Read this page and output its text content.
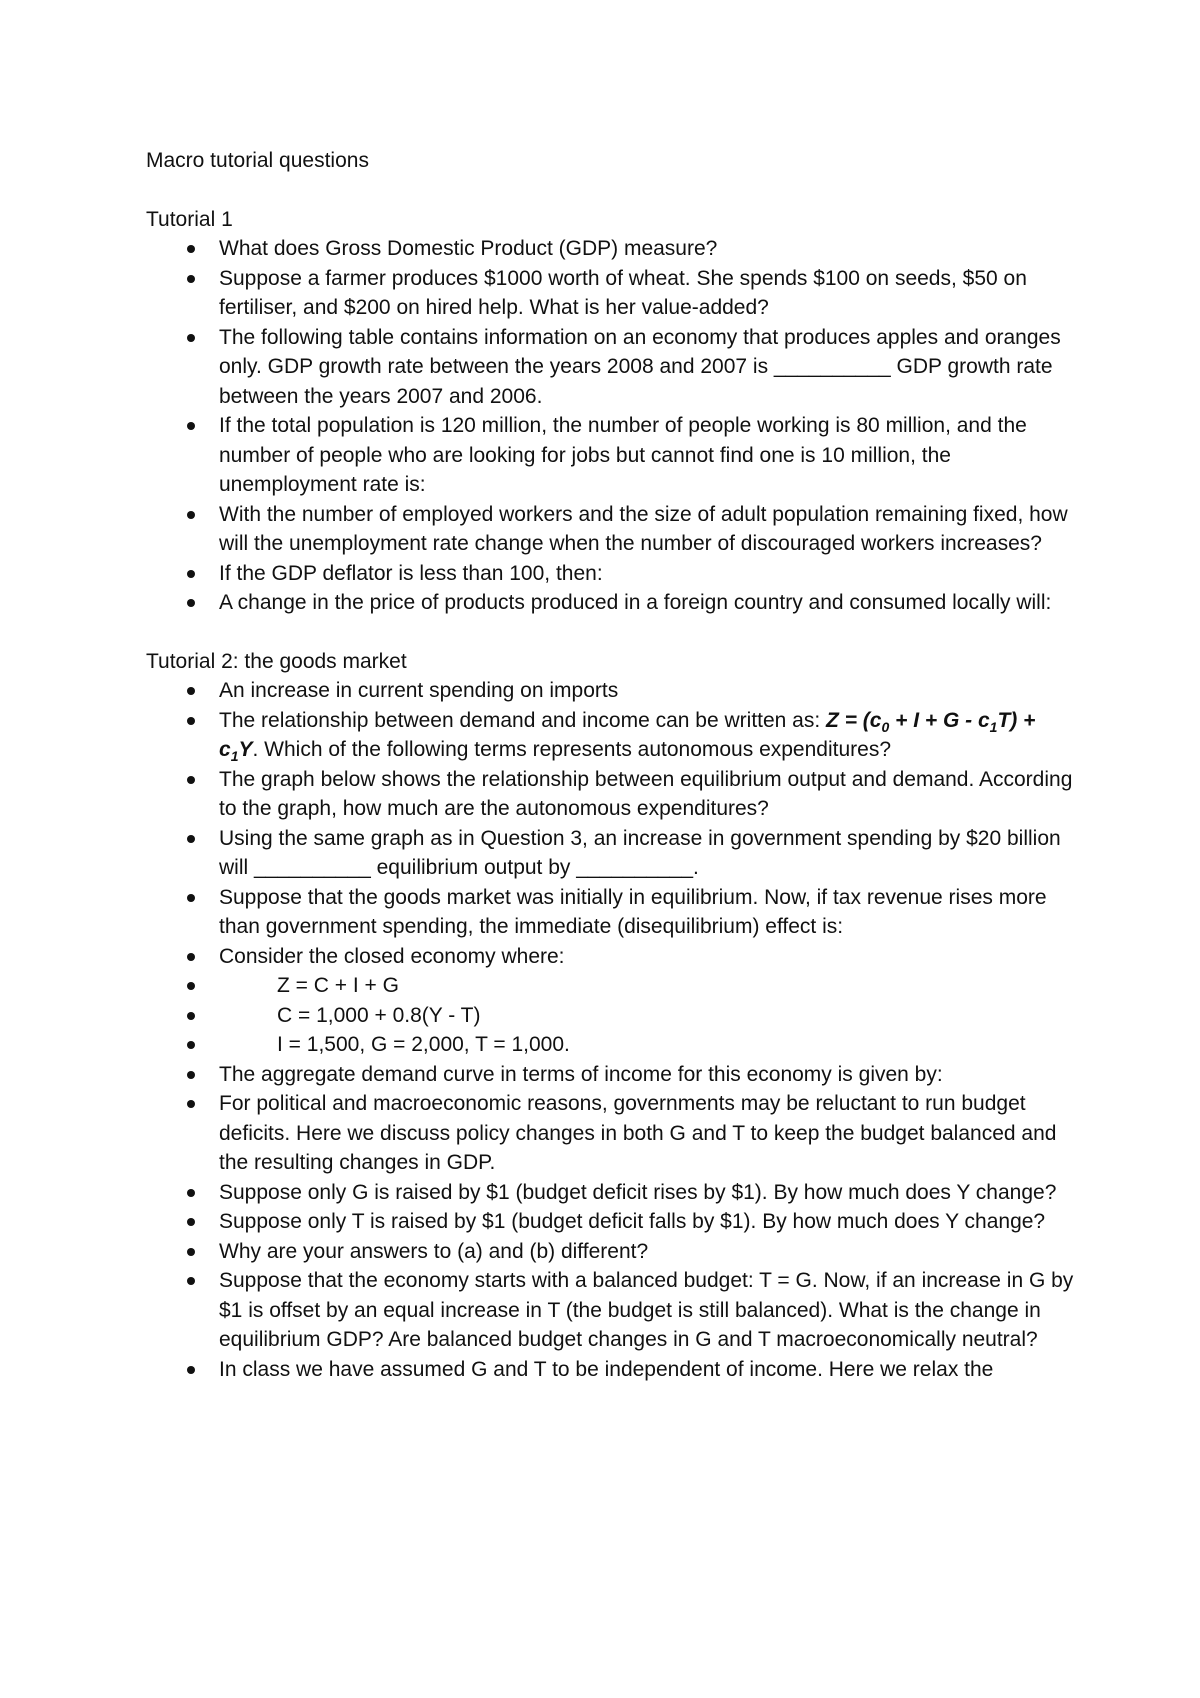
Macro tutorial questions
Tutorial 1
What does Gross Domestic Product (GDP) measure?
Suppose a farmer produces $1000 worth of wheat. She spends $100 on seeds, $50 on fertiliser, and $200 on hired help. What is her value-added?
The following table contains information on an economy that produces apples and oranges only. GDP growth rate between the years 2008 and 2007 is __________ GDP growth rate between the years 2007 and 2006.
If the total population is 120 million, the number of people working is 80 million, and the number of people who are looking for jobs but cannot find one is 10 million, the unemployment rate is:
With the number of employed workers and the size of adult population remaining fixed, how will the unemployment rate change when the number of discouraged workers increases?
If the GDP deflator is less than 100, then:
A change in the price of products produced in a foreign country and consumed locally will:
Tutorial 2: the goods market
An increase in current spending on imports
The relationship between demand and income can be written as: $Z = (c_0 + I + G - c_1T) + c_1Y$. Which of the following terms represents autonomous expenditures?
The graph below shows the relationship between equilibrium output and demand. According to the graph, how much are the autonomous expenditures?
Using the same graph as in Question 3, an increase in government spending by $20 billion will __________ equilibrium output by __________.
Suppose that the goods market was initially in equilibrium. Now, if tax revenue rises more than government spending, the immediate (disequilibrium) effect is:
Consider the closed economy where:
Z = C + I + G
C = 1,000 + 0.8(Y - T)
I = 1,500, G = 2,000, T = 1,000.
The aggregate demand curve in terms of income for this economy is given by:
For political and macroeconomic reasons, governments may be reluctant to run budget deficits. Here we discuss policy changes in both G and T to keep the budget balanced and the resulting changes in GDP.
Suppose only G is raised by $1 (budget deficit rises by $1). By how much does Y change?
Suppose only T is raised by $1 (budget deficit falls by $1). By how much does Y change?
Why are your answers to (a) and (b) different?
Suppose that the economy starts with a balanced budget: T = G. Now, if an increase in G by $1 is offset by an equal increase in T (the budget is still balanced). What is the change in equilibrium GDP? Are balanced budget changes in G and T macroeconomically neutral?
In class we have assumed G and T to be independent of income. Here we relax the
